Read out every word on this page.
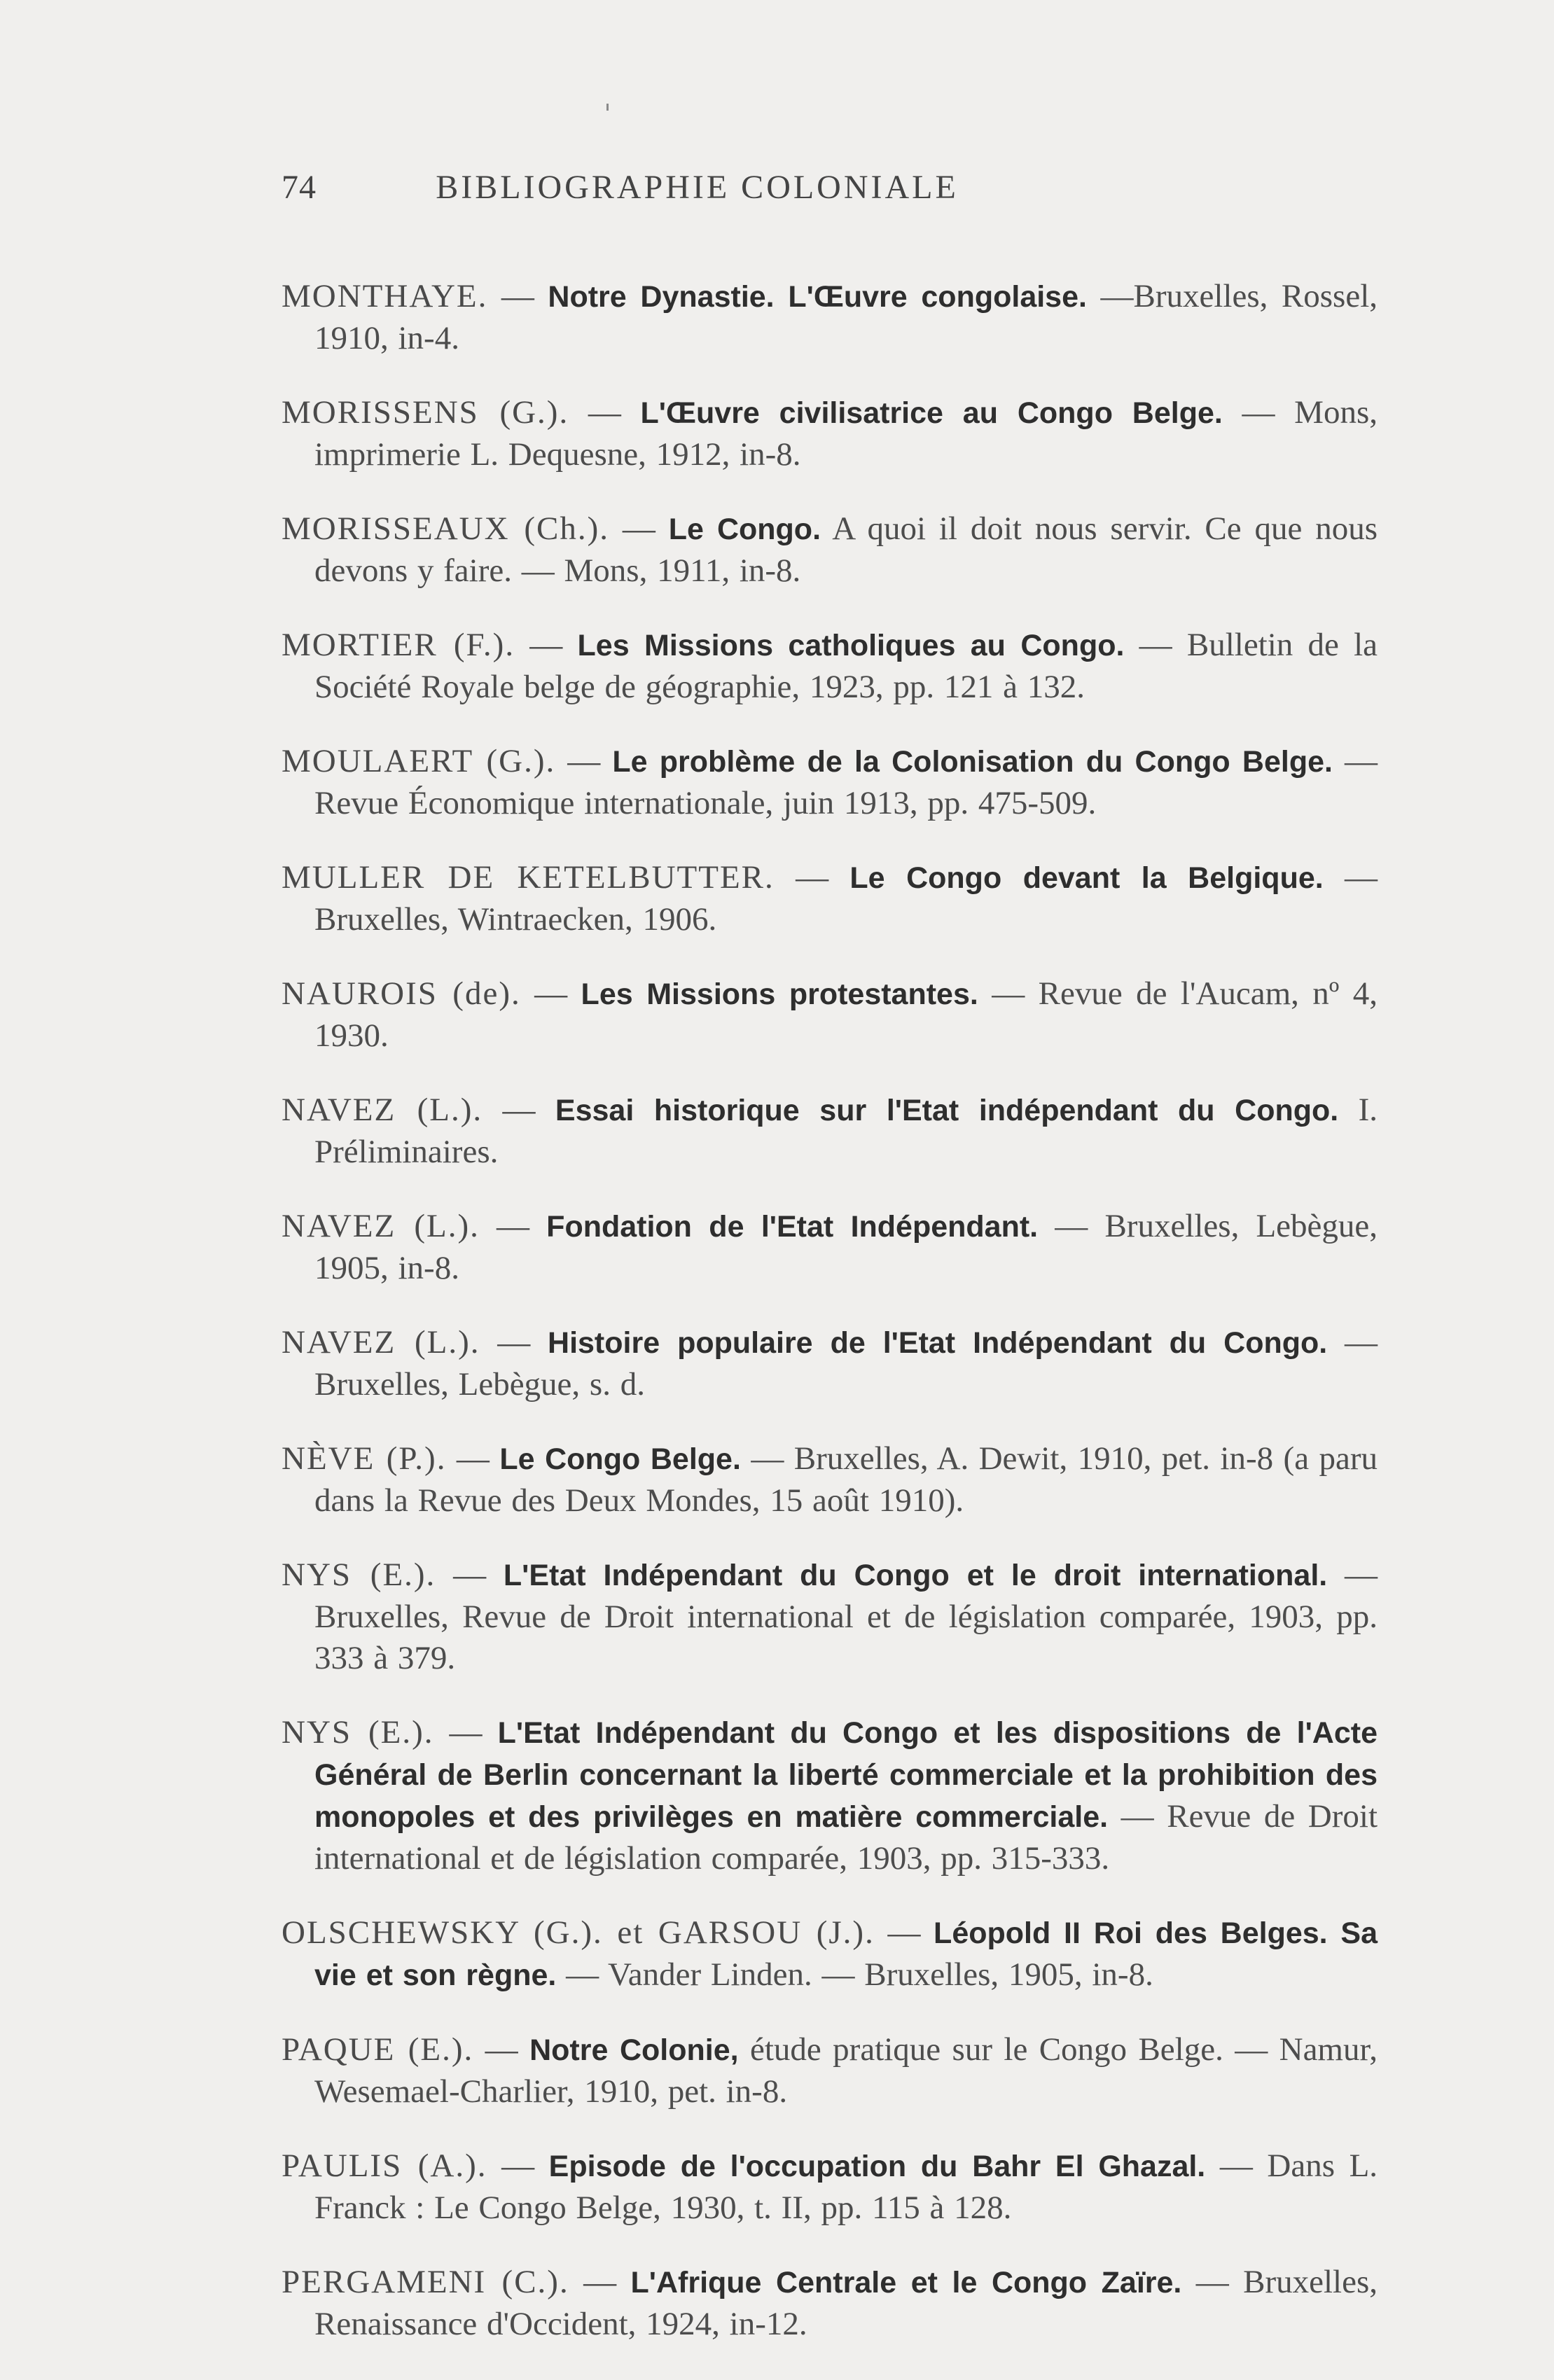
74	BIBLIOGRAPHIE COLONIALE

MONTHAYE. — Notre Dynastie. L'Œuvre congolaise. —Bruxelles, Rossel, 1910, in-4.

MORISSENS (G.). — L'Œuvre civilisatrice au Congo Belge. — Mons, imprimerie L. Dequesne, 1912, in-8.

MORISSEAUX (Ch.). — Le Congo. A quoi il doit nous servir. Ce que nous devons y faire. — Mons, 1911, in-8.

MORTIER (F.). — Les Missions catholiques au Congo. — Bulletin de la Société Royale belge de géographie, 1923, pp. 121 à 132.

MOULAERT (G.). — Le problème de la Colonisation du Congo Belge. — Revue Économique internationale, juin 1913, pp. 475-509.

MULLER DE KETELBUTTER. — Le Congo devant la Belgique. — Bruxelles, Wintraecken, 1906.

NAUROIS (de). — Les Missions protestantes. — Revue de l'Aucam, nº 4, 1930.

NAVEZ (L.). — Essai historique sur l'Etat indépendant du Congo. I. Préliminaires.

NAVEZ (L.). — Fondation de l'Etat Indépendant. — Bruxelles, Lebègue, 1905, in-8.

NAVEZ (L.). — Histoire populaire de l'Etat Indépendant du Congo. — Bruxelles, Lebègue, s. d.

NÈVE (P.). — Le Congo Belge. — Bruxelles, A. Dewit, 1910, pet. in-8 (a paru dans la Revue des Deux Mondes, 15 août 1910).

NYS (E.). — L'Etat Indépendant du Congo et le droit international. — Bruxelles, Revue de Droit international et de législation comparée, 1903, pp. 333 à 379.

NYS (E.). — L'Etat Indépendant du Congo et les dispositions de l'Acte Général de Berlin concernant la liberté commerciale et la prohibition des monopoles et des privilèges en matière commerciale. — Revue de Droit international et de législation comparée, 1903, pp. 315-333.

OLSCHEWSKY (G.). et GARSOU (J.). — Léopold II Roi des Belges. Sa vie et son règne. — Vander Linden. — Bruxelles, 1905, in-8.

PAQUE (E.). — Notre Colonie, étude pratique sur le Congo Belge. — Namur, Wesemael-Charlier, 1910, pet. in-8.

PAULIS (A.). — Episode de l'occupation du Bahr El Ghazal. — Dans L. Franck : Le Congo Belge, 1930, t. II, pp. 115 à 128.

PERGAMENI (C.). — L'Afrique Centrale et le Congo Zaïre. — Bruxelles, Renaissance d'Occident, 1924, in-12.
